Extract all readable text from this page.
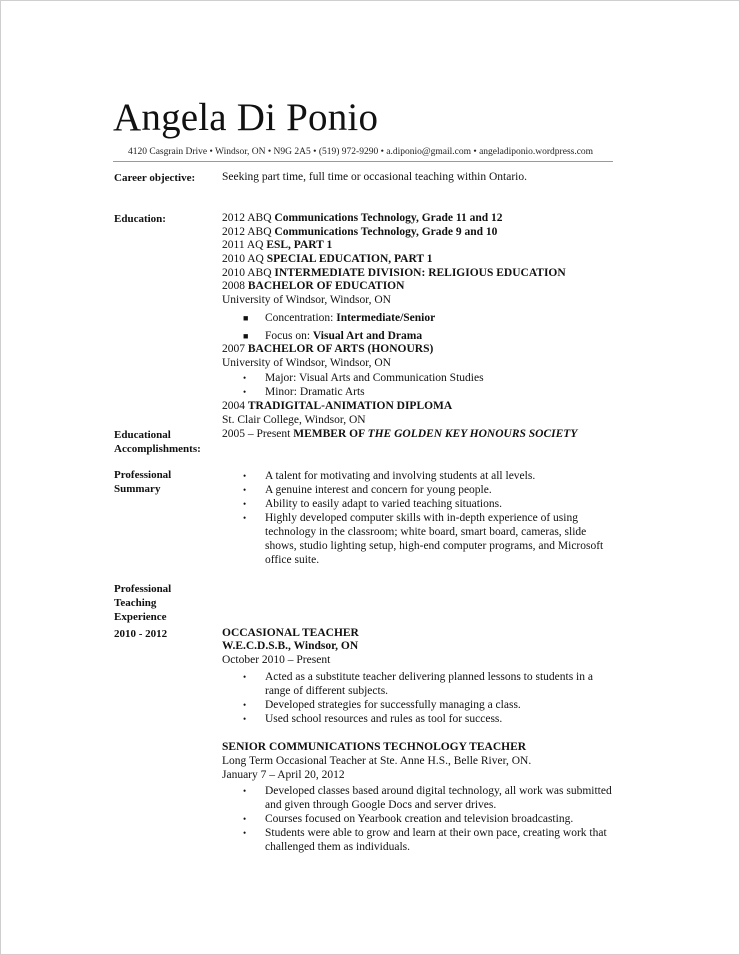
Angela Di Ponio
4120 Casgrain Drive • Windsor, ON • N9G 2A5 • (519) 972-9290 • a.diponio@gmail.com • angeladiponio.wordpress.com
Career objective: Seeking part time, full time or occasional teaching within Ontario.
Education:	2012 ABQ Communications Technology, Grade 11 and 12
2012 ABQ Communications Technology, Grade 9 and 10
2011 AQ ESL, PART 1
2010 AQ SPECIAL EDUCATION, PART 1
2010 ABQ INTERMEDIATE DIVISION: RELIGIOUS EDUCATION
2008 BACHELOR OF EDUCATION
University of Windsor, Windsor, ON
■ Concentration: Intermediate/Senior
■ Focus on: Visual Art and Drama
2007 BACHELOR OF ARTS (HONOURS)
University of Windsor, Windsor, ON
• Major: Visual Arts and Communication Studies
• Minor: Dramatic Arts
2004 TRADIGITAL-ANIMATION DIPLOMA
St. Clair College, Windsor, ON
Educational
Accomplishments:
2005 – Present MEMBER OF THE GOLDEN KEY HONOURS SOCIETY
Professional
Summary
• A talent for motivating and involving students at all levels.
• A genuine interest and concern for young people.
• Ability to easily adapt to varied teaching situations.
• Highly developed computer skills with in-depth experience of using
technology in the classroom; white board, smart board, cameras, slide
shows, studio lighting setup, high-end computer programs, and Microsoft
office suite.
Professional
Teaching
Experience
2010 - 2012	OCCASIONAL TEACHER
W.E.C.D.S.B., Windsor, ON
October 2010 – Present
• Acted as a substitute teacher delivering planned lessons to students in a
range of different subjects.
• Developed strategies for successfully managing a class.
• Used school resources and rules as tool for success.
SENIOR COMMUNICATIONS TECHNOLOGY TEACHER
Long Term Occasional Teacher at Ste. Anne H.S., Belle River, ON.
January 7 – April 20, 2012
• Developed classes based around digital technology, all work was submitted
and given through Google Docs and server drives.
• Courses focused on Yearbook creation and television broadcasting.
• Students were able to grow and learn at their own pace, creating work that
challenged them as individuals.
